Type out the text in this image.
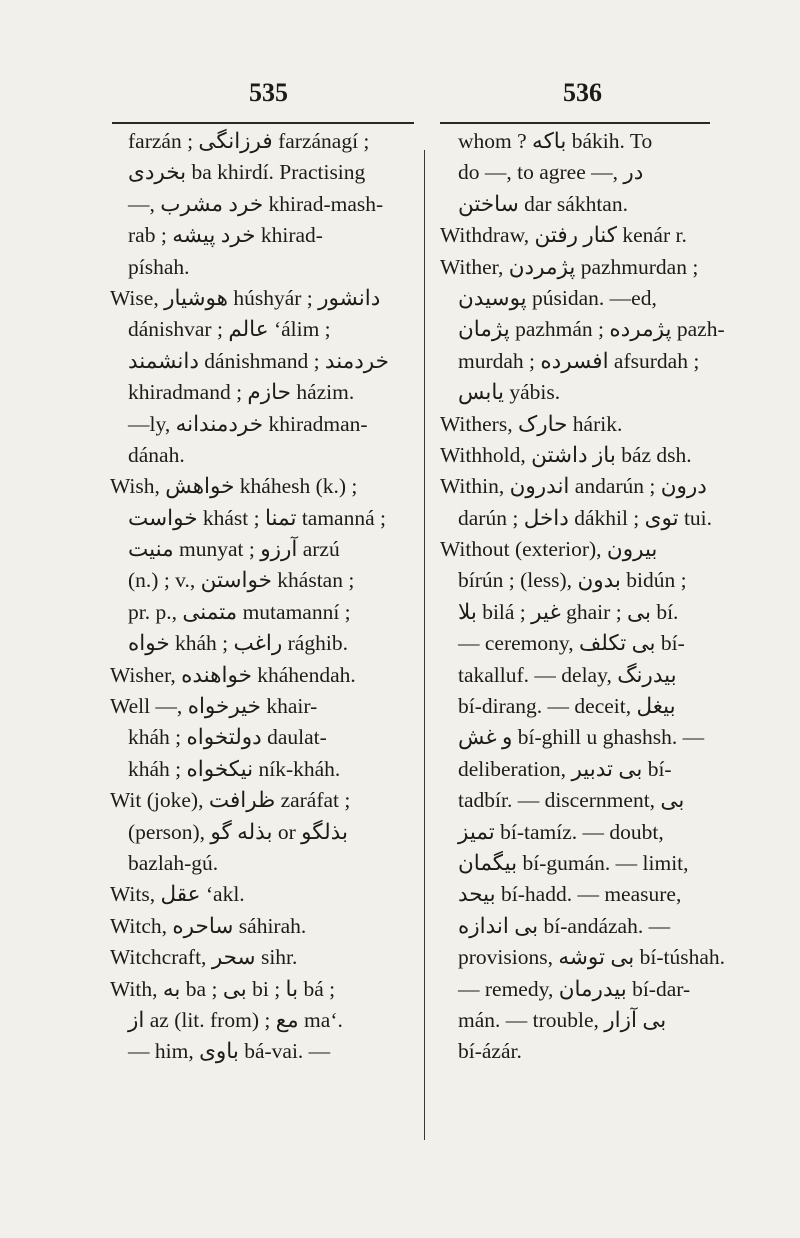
535	536
farzán ; فرزانگی farzánagí ;
بخردی ba khirdí. Practising
—, خرد مشرب khirad-mash-
rab ; خرد پیشه khirad-
píshah.
Wise, هوشیار húshyár ; دانشور
dánishvar ; عالم ʻálim ;
دانشمند dánishmand ; خردمند
khiradmand ; حازم házim.
—ly, خردمندانه khiradman-
dánah.
Wish, خواهش kháhesh (k.) ;
خواست khást ; تمنا tamanná ;
منیت munyat ; آرزو arzú
(n.) ; v., خواستن khástan ;
pr. p., متمنی mutamanní ;
خواه kháh ; راغب rághib.
Wisher, خواهنده kháhendah.
Well —, خیرخواه khair-
kháh ; دولتخواه daulat-
kháh ; نیکخواه ník-kháh.
Wit (joke), ظرافت zaráfat ;
(person), بذله گو or بذلگو
bazlah-gú.
Wits, عقل ʻakl.
Witch, ساحره sáhirah.
Witchcraft, سحر sihr.
With, به ba ; بی bi ; با bá ;
از az (lit. from) ; مع maʻ.
— him, باوی bá-vai. —
whom ? باکه bákih. To
do —, to agree —, در
ساختن dar sákhtan.
Withdraw, کنار رفتن kenár r.
Wither, پژمردن pazhmurdan ;
پوسیدن púsidan. —ed,
پژمان pazhmán ; پژمرده pazh-
murdah ; افسرده afsurdah ;
یابس yábis.
Withers, حارک hárik.
Withhold, باز داشتن báz dsh.
Within, اندرون andarún ; درون
darún ; داخل dákhil ; توی tui.
Without (exterior), بیرون
bírún ; (less), بدون bidún ;
بلا bilá ; غیر ghair ; بی bí.
— ceremony, بی تکلف bí-
takalluf. — delay, بیدرنگ
bí-dirang. — deceit, بیغل
و غش bí-ghill u ghashsh. —
deliberation, بی تدبیر bí-
tadbír. — discernment, بی
تمیز bí-tamíz. — doubt,
بیگمان bí-gumán. — limit,
بیحد bí-hadd. — measure,
بی اندازه bí-andázah. —
provisions, بی توشه bí-túshah.
— remedy, بیدرمان bí-dar-
mán. — trouble, بی آزار
bí-ázár.
